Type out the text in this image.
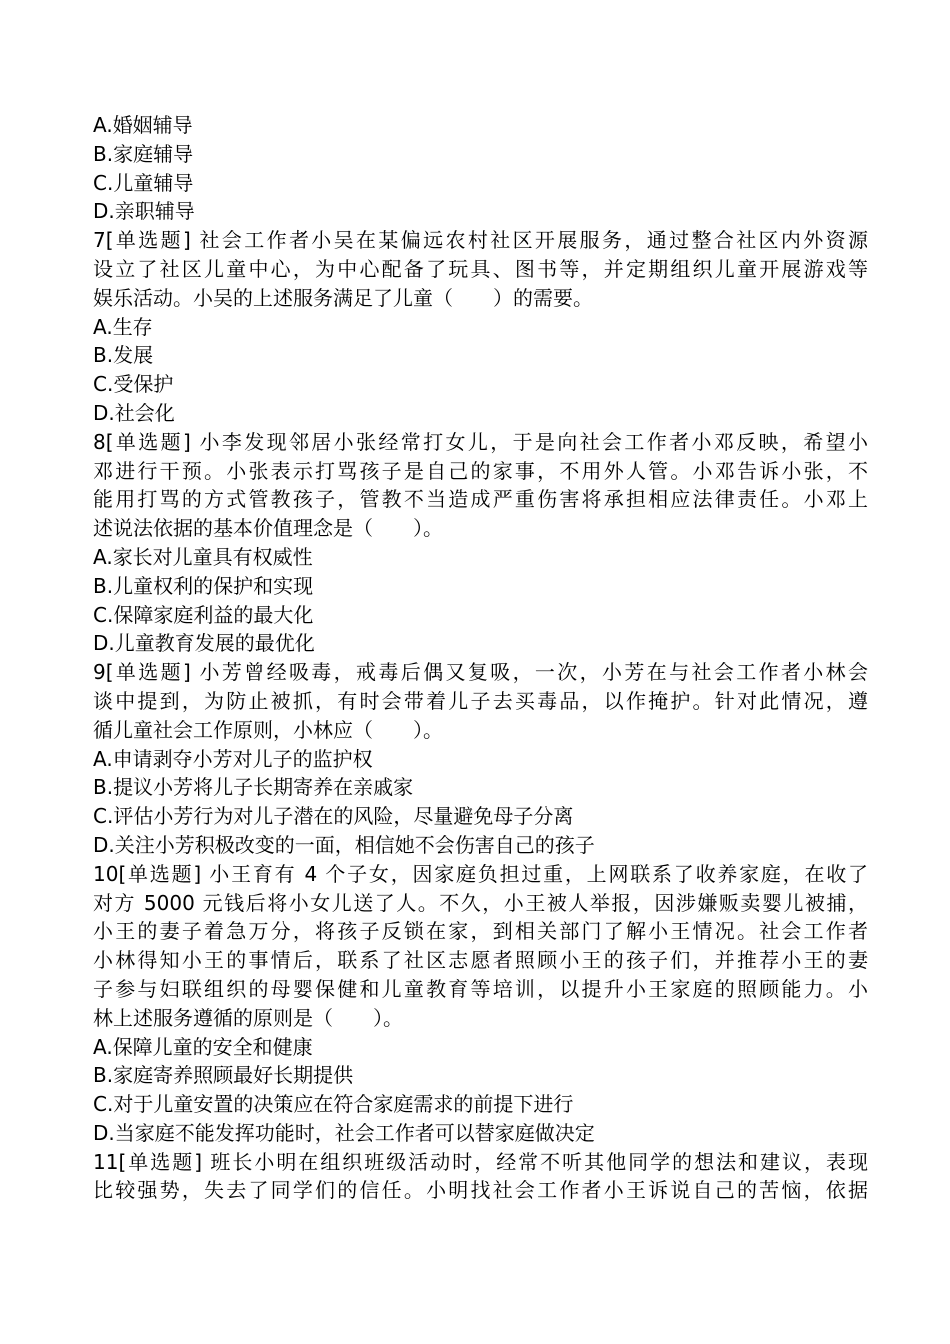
A.婚姻辅导
B.家庭辅导
C.儿童辅导
D.亲职辅导
7[单选题] 社会工作者小吴在某偏远农村社区开展服务，通过整合社区内外资源
设立了社区儿童中心，为中心配备了玩具、图书等，并定期组织儿童开展游戏等
娱乐活动。小吴的上述服务满足了儿童（　　）的需要。
A.生存
B.发展
C.受保护
D.社会化
8[单选题] 小李发现邻居小张经常打女儿，于是向社会工作者小邓反映，希望小
邓进行干预。小张表示打骂孩子是自己的家事，不用外人管。小邓告诉小张，不
能用打骂的方式管教孩子，管教不当造成严重伤害将承担相应法律责任。小邓上
述说法依据的基本价值理念是（　　）。
A.家长对儿童具有权威性
B.儿童权利的保护和实现
C.保障家庭利益的最大化
D.儿童教育发展的最优化
9[单选题] 小芳曾经吸毒，戒毒后偶又复吸，一次，小芳在与社会工作者小林会
谈中提到，为防止被抓，有时会带着儿子去买毒品，以作掩护。针对此情况，遵
循儿童社会工作原则，小林应（　　）。
A.申请剥夺小芳对儿子的监护权
B.提议小芳将儿子长期寄养在亲戚家
C.评估小芳行为对儿子潜在的风险，尽量避免母子分离
D.关注小芳积极改变的一面，相信她不会伤害自己的孩子
10[单选题] 小王育有 4 个子女，因家庭负担过重，上网联系了收养家庭，在收了
对方 5000 元钱后将小女儿送了人。不久，小王被人举报，因涉嫌贩卖婴儿被捕，
小王的妻子着急万分，将孩子反锁在家，到相关部门了解小王情况。社会工作者
小林得知小王的事情后，联系了社区志愿者照顾小王的孩子们，并推荐小王的妻
子参与妇联组织的母婴保健和儿童教育等培训，以提升小王家庭的照顾能力。小
林上述服务遵循的原则是（　　）。
A.保障儿童的安全和健康
B.家庭寄养照顾最好长期提供
C.对于儿童安置的决策应在符合家庭需求的前提下进行
D.当家庭不能发挥功能时，社会工作者可以替家庭做决定
11[单选题] 班长小明在组织班级活动时，经常不听其他同学的想法和建议，表现
比较强势，失去了同学们的信任。小明找社会工作者小王诉说自己的苦恼，依据
